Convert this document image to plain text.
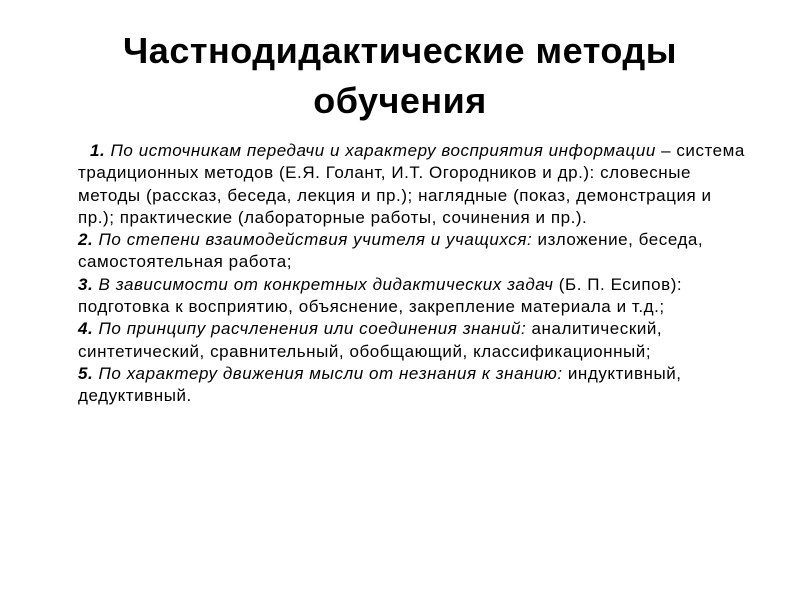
Частнодидактические методы
обучения

1. По источникам передачи и характеру восприятия информации – система традиционных методов (Е.Я. Голант, И.Т. Огородников и др.): словесные методы (рассказ, беседа, лекция и пр.); наглядные (показ, демонстрация и пр.); практические (лабораторные работы, сочинения и пр.).

2. По степени взаимодействия учителя и учащихся: изложение, беседа, самостоятельная работа;

3. В зависимости от конкретных дидактических задач (Б. П. Есипов): подготовка к восприятию, объяснение, закрепление материала и т.д.;

4. По принципу расчленения или соединения знаний: аналитический, синтетический, сравнительный, обобщающий, классификационный;

5. По характеру движения мысли от незнания к знанию: индуктивный, дедуктивный.
